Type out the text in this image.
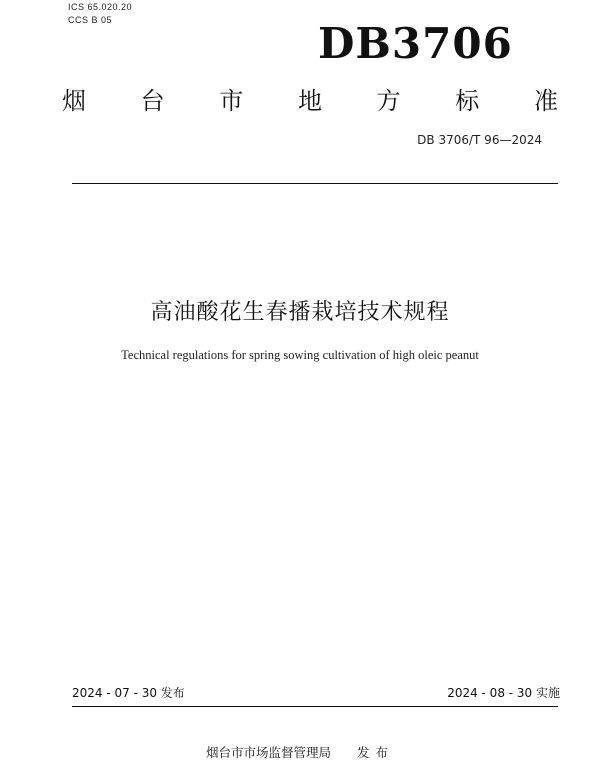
ICS 65.020.20
CCS B 05	DB3706
烟 台 市 地 方 标 准
DB 3706/T 96—2024
高油酸花生春播栽培技术规程
Technical regulations for spring sowing cultivation of high oleic peanut
2024 - 07 - 30 发布	2024 - 08 - 30 实施
烟台市市场监督管理局 发布
